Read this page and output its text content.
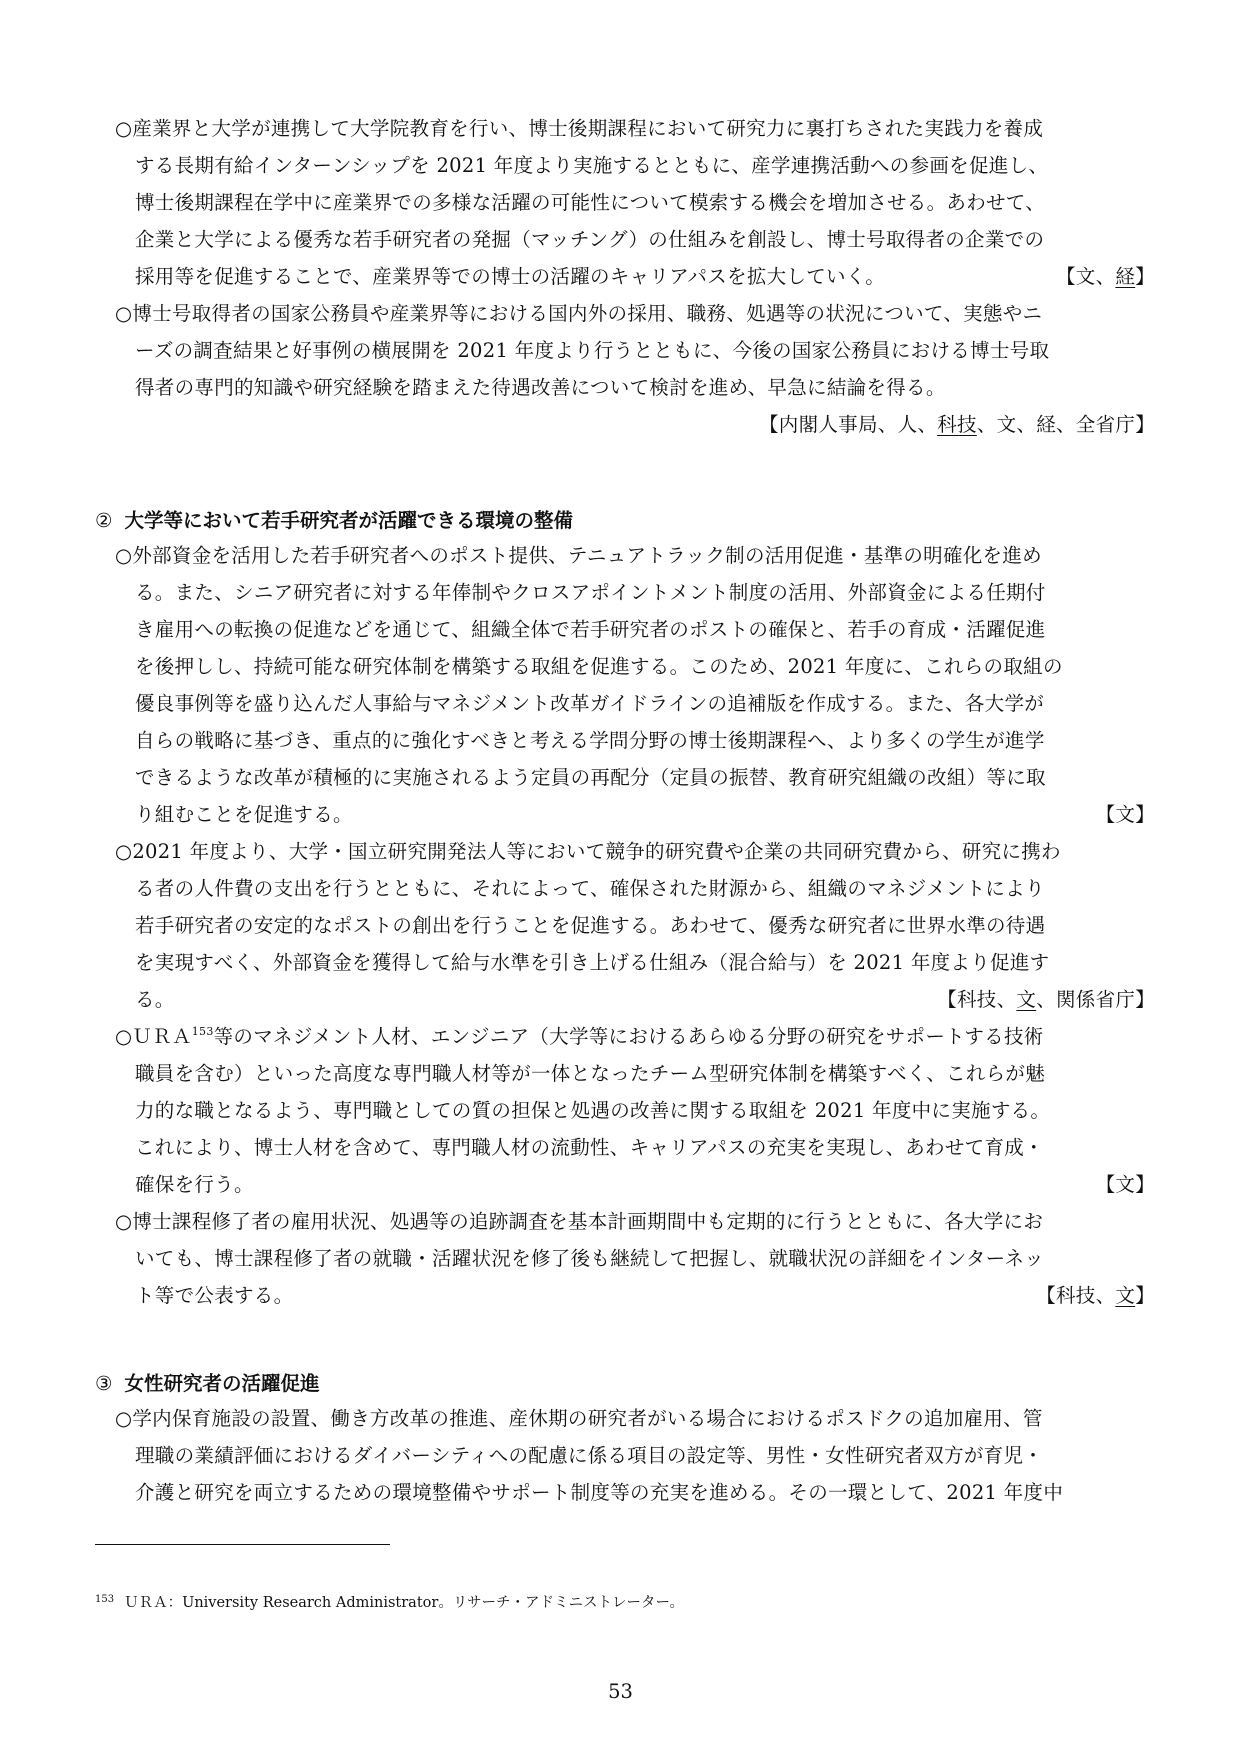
○産業界と大学が連携して大学院教育を行い、博士後期課程において研究力に裏打ちされた実践力を養成
する長期有給インターンシップを 2021 年度より実施するとともに、産学連携活動への参画を促進し、
博士後期課程在学中に産業界での多様な活躍の可能性について模索する機会を増加させる。あわせて、
企業と大学による優秀な若手研究者の発掘（マッチング）の仕組みを創設し、博士号取得者の企業での
採用等を促進することで、産業界等での博士の活躍のキャリアパスを拡大していく。	【文、経】
○博士号取得者の国家公務員や産業界等における国内外の採用、職務、処遇等の状況について、実態やニ
ーズの調査結果と好事例の横展開を 2021 年度より行うとともに、今後の国家公務員における博士号取
得者の専門的知識や研究経験を踏まえた待遇改善について検討を進め、早急に結論を得る。
【内閣人事局、人、科技、文、経、全省庁】
② 大学等において若手研究者が活躍できる環境の整備
○外部資金を活用した若手研究者へのポスト提供、テニュアトラック制の活用促進・基準の明確化を進め
る。また、シニア研究者に対する年俸制やクロスアポイントメント制度の活用、外部資金による任期付
き雇用への転換の促進などを通じて、組織全体で若手研究者のポストの確保と、若手の育成・活躍促進
を後押しし、持続可能な研究体制を構築する取組を促進する。このため、2021 年度に、これらの取組の
優良事例等を盛り込んだ人事給与マネジメント改革ガイドラインの追補版を作成する。また、各大学が
自らの戦略に基づき、重点的に強化すべきと考える学問分野の博士後期課程へ、より多くの学生が進学
できるような改革が積極的に実施されるよう定員の再配分（定員の振替、教育研究組織の改組）等に取
り組むことを促進する。	【文】
○2021 年度より、大学・国立研究開発法人等において競争的研究費や企業の共同研究費から、研究に携わ
る者の人件費の支出を行うとともに、それによって、確保された財源から、組織のマネジメントにより
若手研究者の安定的なポストの創出を行うことを促進する。あわせて、優秀な研究者に世界水準の待遇
を実現すべく、外部資金を獲得して給与水準を引き上げる仕組み（混合給与）を 2021 年度より促進す
る。	【科技、文、関係省庁】
○ＵＲＡ$^{153}$等のマネジメント人材、エンジニア（大学等におけるあらゆる分野の研究をサポートする技術
職員を含む）といった高度な専門職人材等が一体となったチーム型研究体制を構築すべく、これらが魅
力的な職となるよう、専門職としての質の担保と処遇の改善に関する取組を 2021 年度中に実施する。
これにより、博士人材を含めて、専門職人材の流動性、キャリアパスの充実を実現し、あわせて育成・
確保を行う。	【文】
○博士課程修了者の雇用状況、処遇等の追跡調査を基本計画期間中も定期的に行うとともに、各大学にお
いても、博士課程修了者の就職・活躍状況を修了後も継続して把握し、就職状況の詳細をインターネッ
ト等で公表する。	【科技、文】
③ 女性研究者の活躍促進
○学内保育施設の設置、働き方改革の推進、産休期の研究者がいる場合におけるポスドクの追加雇用、管
理職の業績評価におけるダイバーシティへの配慮に係る項目の設定等、男性・女性研究者双方が育児・
介護と研究を両立するための環境整備やサポート制度等の充実を進める。その一環として、2021 年度中
$^{153}$ ＵＲＡ：University Research Administrator。リサーチ・アドミニストレーター。
53
